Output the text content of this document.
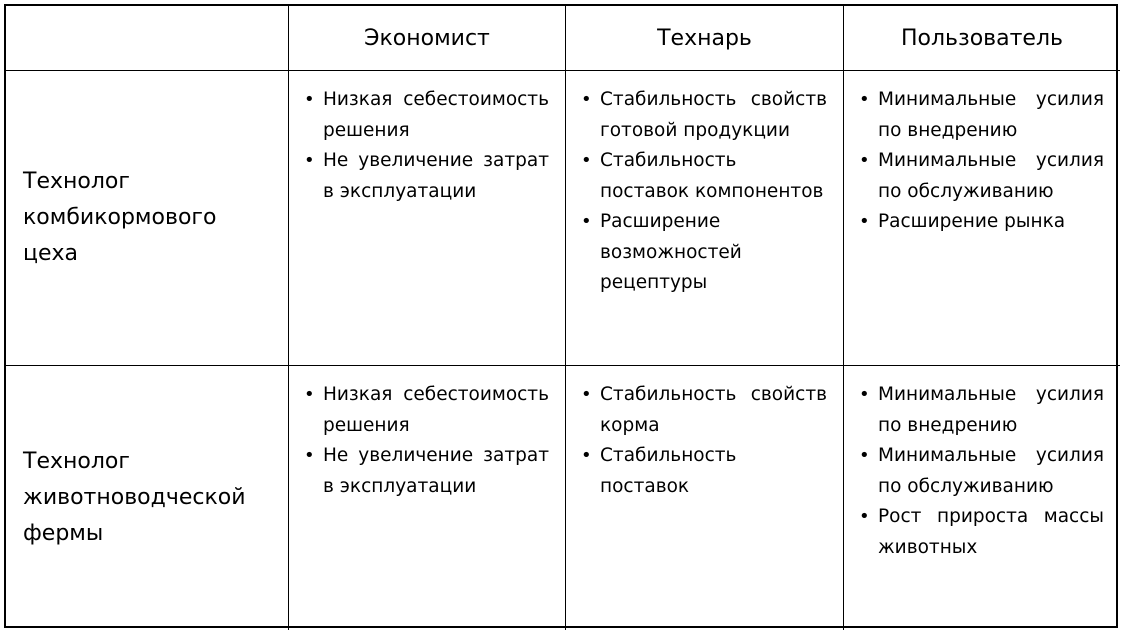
Экономист	Технарь	Пользователь
Технолог комбикормового цеха
• Низкая себестоимость решения
• Не увеличение затрат в эксплуатации
• Стабильность свойств готовой продукции
• Стабильность поставок компонентов
• Расширение возможностей рецептуры
• Минимальные усилия по внедрению
• Минимальные усилия по обслуживанию
• Расширение рынка
Технолог животноводческой фермы
• Низкая себестоимость решения
• Не увеличение затрат в эксплуатации
• Стабильность свойств корма
• Стабильность поставок
• Минимальные усилия по внедрению
• Минимальные усилия по обслуживанию
• Рост прироста массы животных
